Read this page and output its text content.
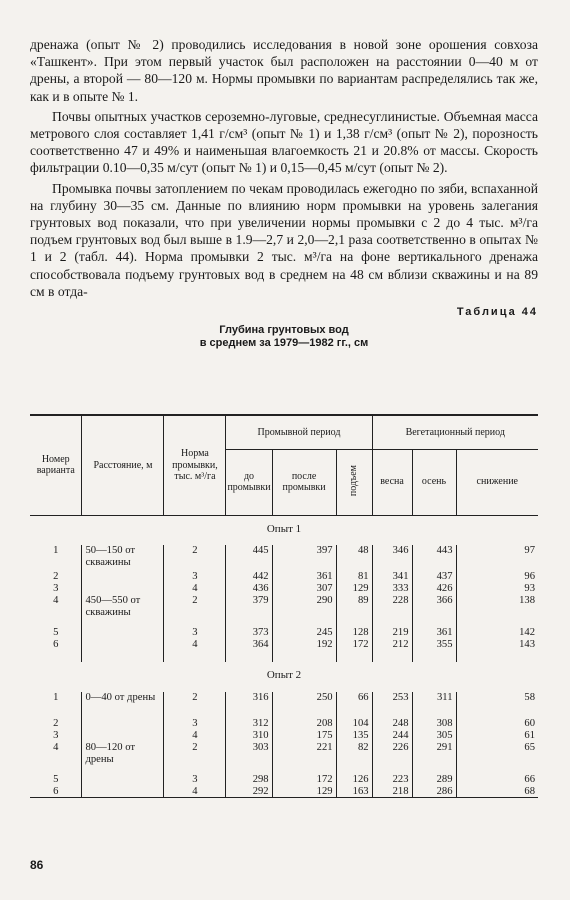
дренажа (опыт № 2) проводились исследования в новой зоне орошения совхоза «Ташкент». При этом первый участок был расположен на расстоянии 0—40 м от дрены, а второй — 80—120 м. Нормы промывки по вариантам распределялись так же, как и в опыте № 1.

Почвы опытных участков сероземно-луговые, среднесуглинистые. Объемная масса метрового слоя составляет 1,41 г/см³ (опыт № 1) и 1,38 г/см³ (опыт № 2), порозность соответственно 47 и 49% и наименьшая влагоемкость 21 и 20.8% от массы. Скорость фильтрации 0.10—0,35 м/сут (опыт № 1) и 0,15—0,45 м/сут (опыт № 2).

Промывка почвы затоплением по чекам проводилась ежегодно по зяби, вспаханной на глубину 30—35 см. Данные по влиянию норм промывки на уровень залегания грунтовых вод показали, что при увеличении нормы промывки с 2 до 4 тыс. м³/га подъем грунтовых вод был выше в 1.9—2,7 и 2,0—2,1 раза соответственно в опытах № 1 и 2 (табл. 44). Норма промывки 2 тыс. м³/га на фоне вертикального дренажа способствовала подъему грунтовых вод в среднем на 48 см вблизи скважины и на 89 см в отда-

Таблица 44
Глубина грунтовых вод
в среднем за 1979—1982 гг., см
Номер варианта	Расстояние, м	Норма промывки, тыс. м³/га	Промывной период			Вегетационный период		
			до промывки	после промывки	подъем	весна	осень	снижение
Опыт 1								
1	50—150 от скважины	2	445	397	48	346	443	97
2		3	442	361	81	341	437	96
3		4	436	307	129	333	426	93
4	450—550 от скважины	2	379	290	89	228	366	138
5		3	373	245	128	219	361	142
6		4	364	192	172	212	355	143

Опыт 2								
1	0—40 от дрены	2	316	250	66	253	311	58
2		3	312	208	104	248	308	60
3		4	310	175	135	244	305	61
4	80—120 от дрены	2	303	221	82	226	291	65
5		3	298	172	126	223	289	66
6		4	292	129	163	218	286	68
86
